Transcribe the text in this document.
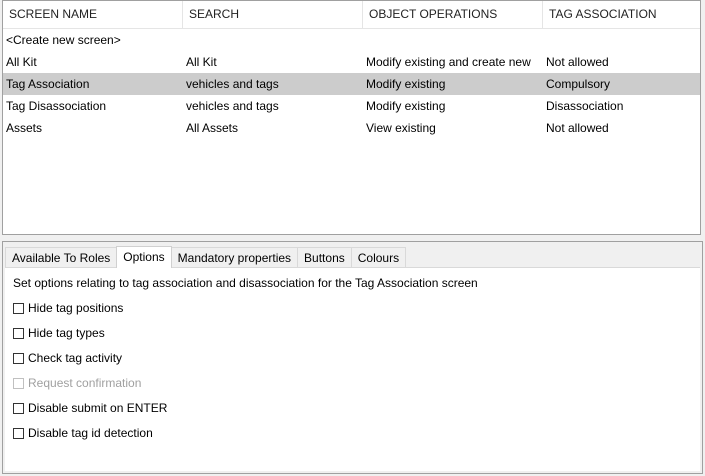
SCREEN NAME	SEARCH	OBJECT OPERATIONS	TAG ASSOCIATION
<Create new screen>
All Kit	All Kit	Modify existing and create new	Not allowed
Tag Association	vehicles and tags	Modify existing	Compulsory
Tag Disassociation	vehicles and tags	Modify existing	Disassociation
Assets	All Assets	View existing	Not allowed
Available To Roles	Options	Mandatory properties	Buttons	Colours
Set options relating to tag association and disassociation for the Tag Association screen
Hide tag positions
Hide tag types
Check tag activity
Request confirmation
Disable submit on ENTER
Disable tag id detection
